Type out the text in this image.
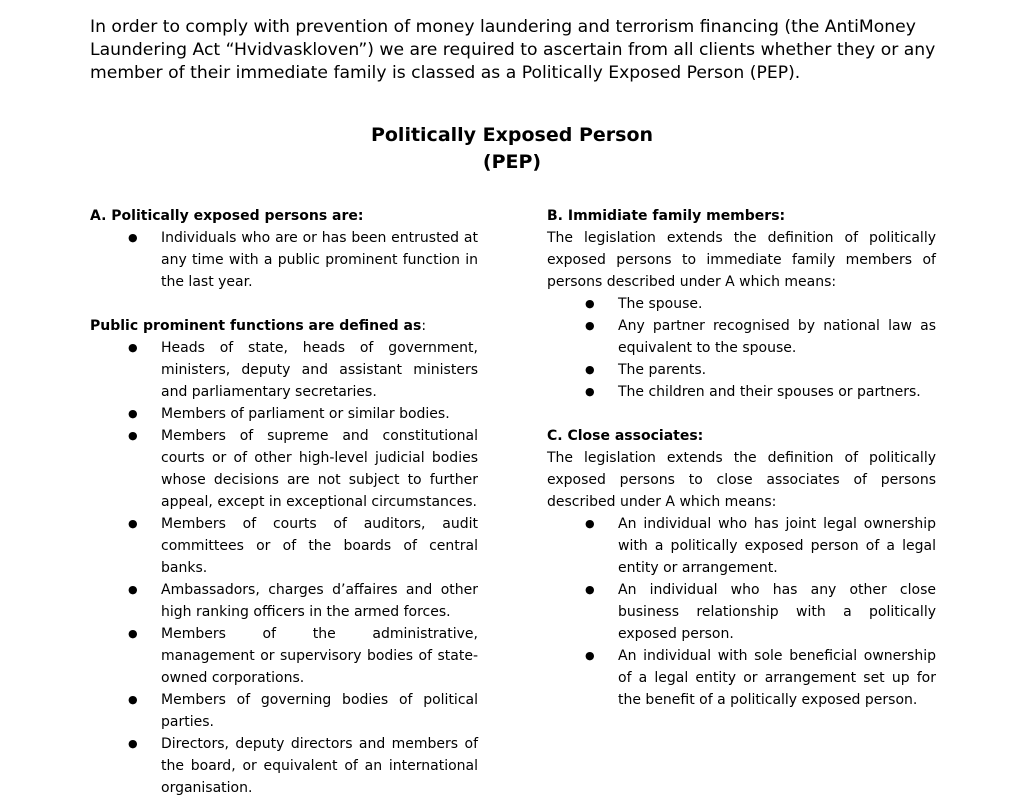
In order to comply with prevention of money laundering and terrorism financing (the AntiMoney Laundering Act “Hvidvaskloven”) we are required to ascertain from all clients whether they or any member of their immediate family is classed as a Politically Exposed Person (PEP).

Politically Exposed Person
(PEP)

A. Politically exposed persons are:

● Individuals who are or has been entrusted at any time with a public prominent function in the last year.

Public prominent functions are defined as:

● Heads of state, heads of government, ministers, deputy and assistant ministers and parliamentary secretaries.
● Members of parliament or similar bodies.
● Members of supreme and constitutional courts or of other high-level judicial bodies whose decisions are not subject to further appeal, except in exceptional circumstances.
● Members of courts of auditors, audit committees or of the boards of central banks.
● Ambassadors, charges d’affaires and other high ranking officers in the armed forces.
● Members of the administrative, management or supervisory bodies of state-owned corporations.
● Members of governing bodies of political parties.
● Directors, deputy directors and members of the board, or equivalent of an international organisation.

B. Immidiate family members:

The legislation extends the definition of politically exposed persons to immediate family members of persons described under A which means:

● The spouse.
● Any partner recognised by national law as equivalent to the spouse.
● The parents.
● The children and their spouses or partners.

C. Close associates:

The legislation extends the definition of politically exposed persons to close associates of persons described under A which means:

● An individual who has joint legal ownership with a politically exposed person of a legal entity or arrangement.
● An individual who has any other close business relationship with a politically exposed person.
● An individual with sole beneficial ownership of a legal entity or arrangement set up for the benefit of a politically exposed person.
